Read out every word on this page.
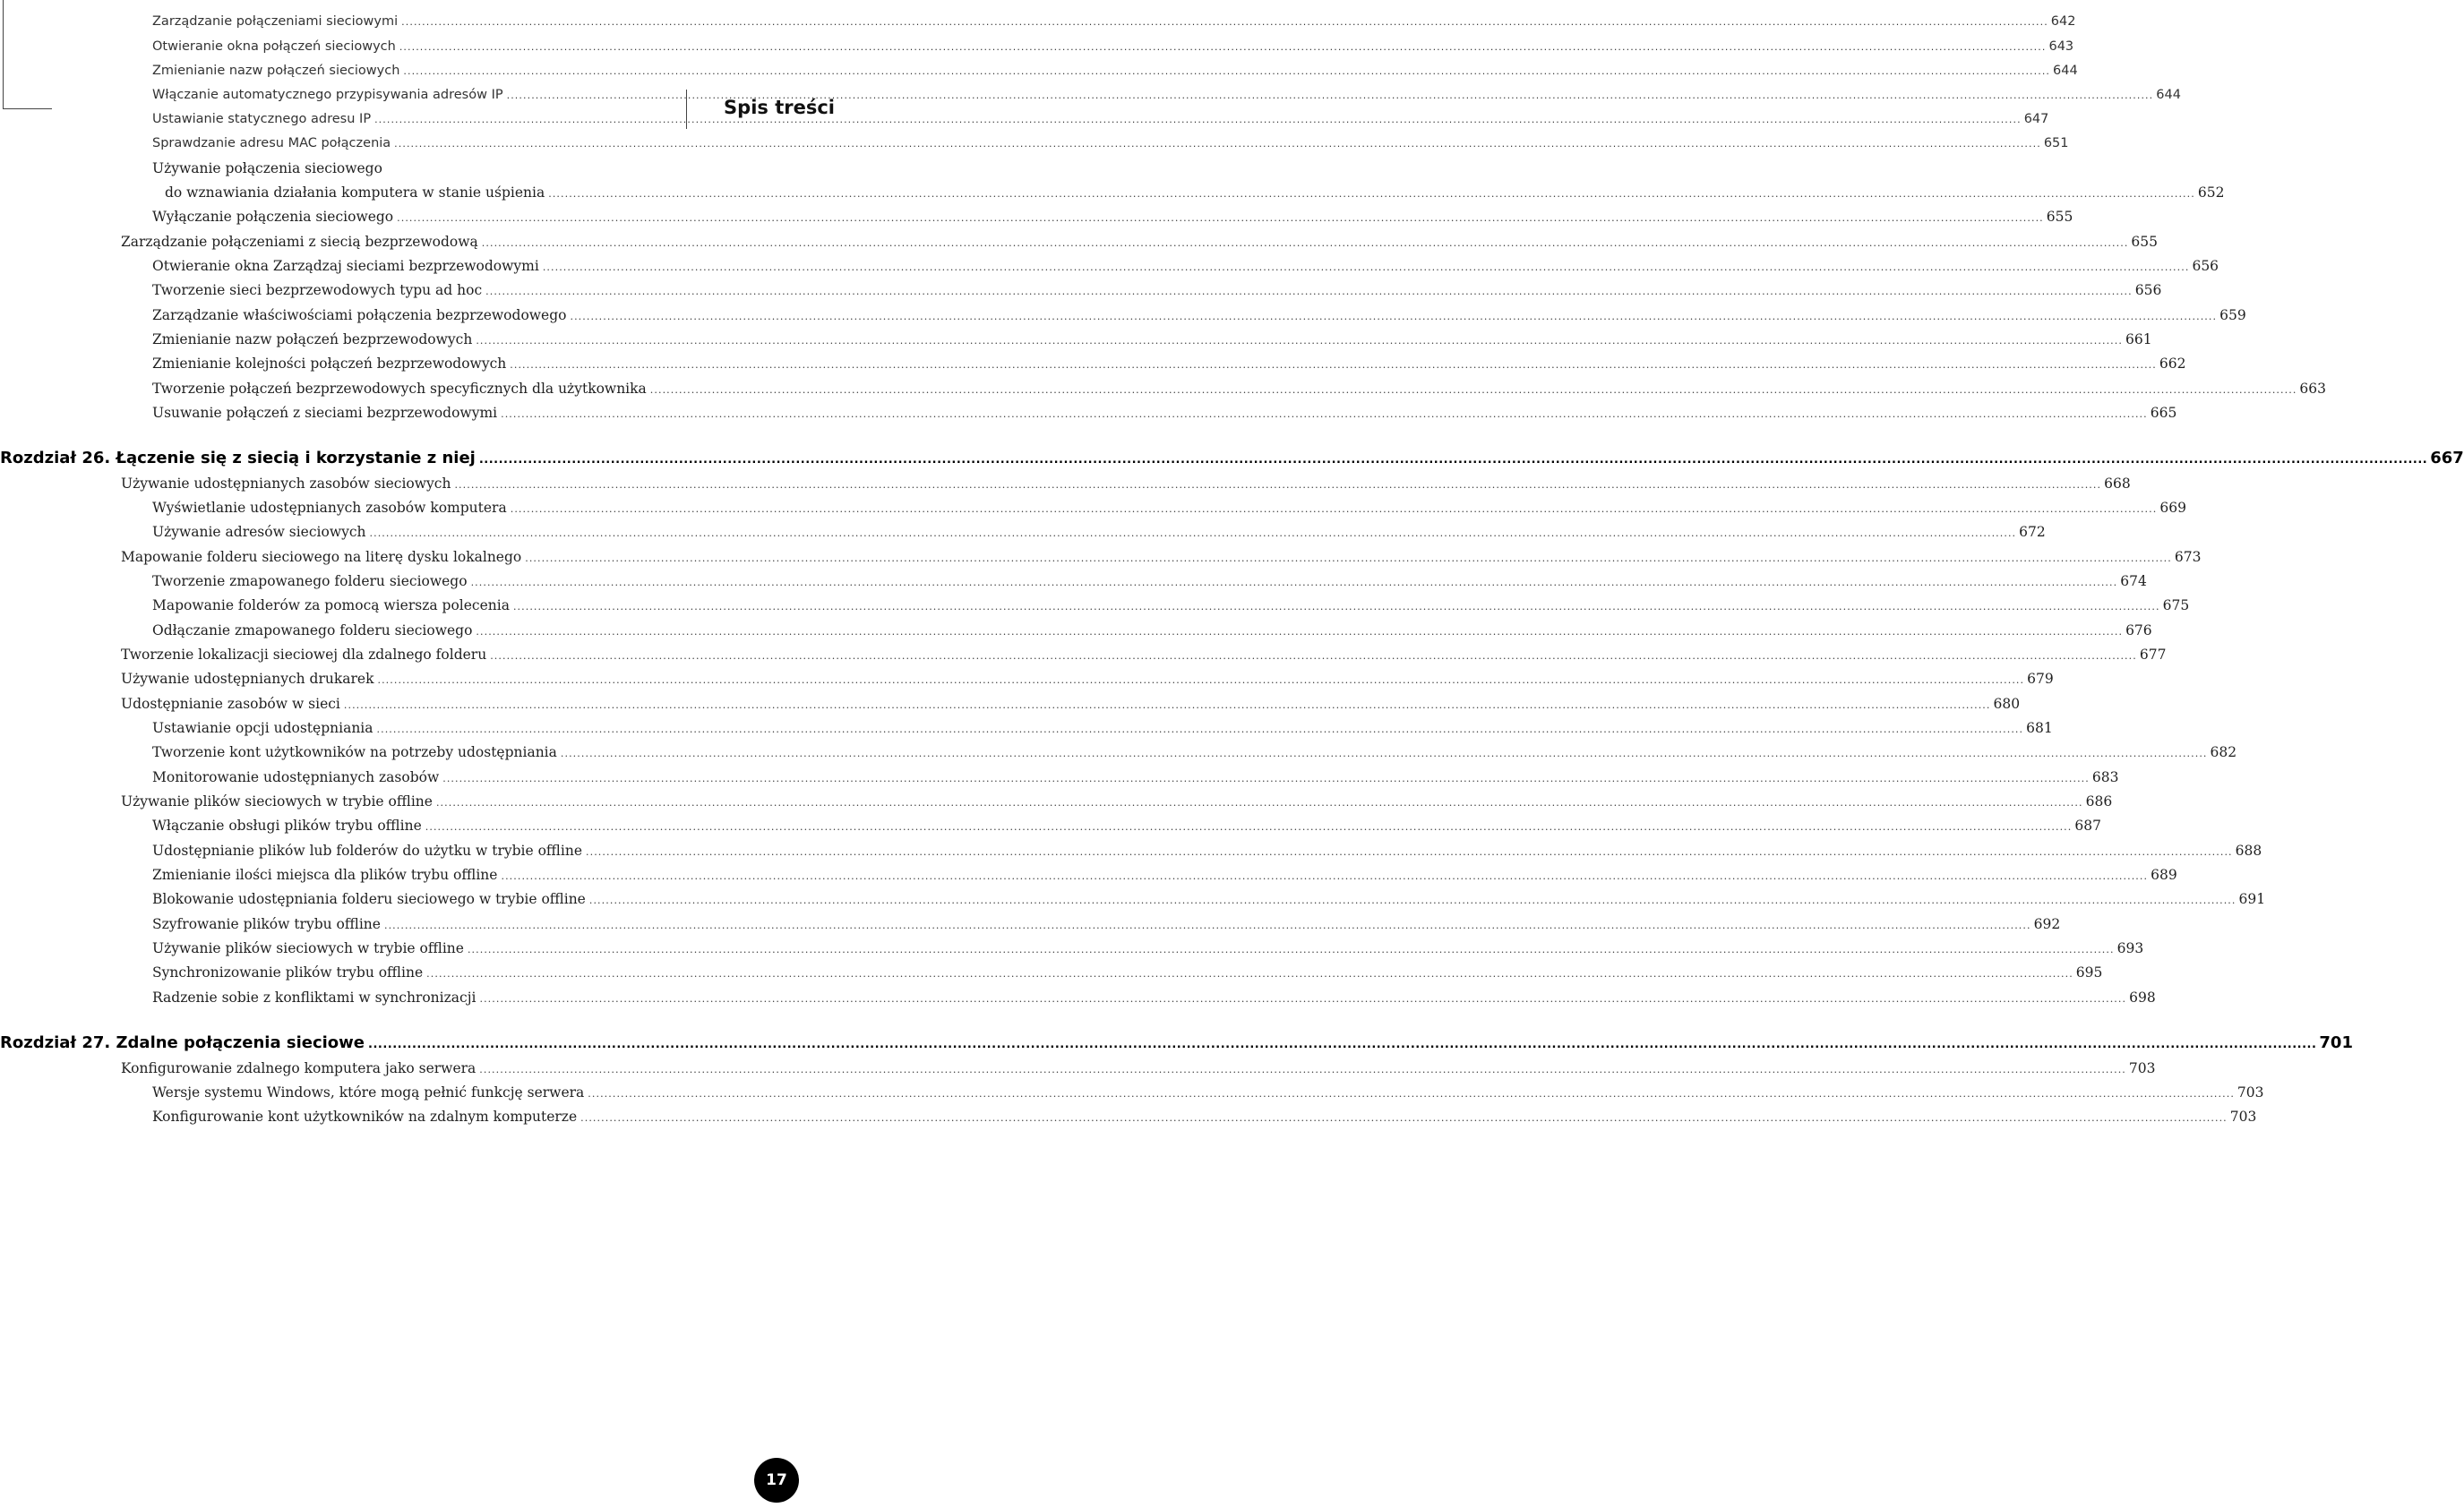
Spis treści
Zarządzanie połączeniami sieciowymi ................................................................................................................................................................................................................................................................................................................................................................................................................ 642
Otwieranie okna połączeń sieciowych ................................................................................................................................................................................................................................................................................................................................................................................................................ 643
Zmienianie nazw połączeń sieciowych ................................................................................................................................................................................................................................................................................................................................................................................................................ 644
Włączanie automatycznego przypisywania adresów IP ................................................................................................................................................................................................................................................................................................................................................................................................................ 644
Ustawianie statycznego adresu IP ................................................................................................................................................................................................................................................................................................................................................................................................................ 647
Sprawdzanie adresu MAC połączenia ................................................................................................................................................................................................................................................................................................................................................................................................................ 651
Używanie połączenia sieciowego
do wznawiania działania komputera w stanie uśpienia ................................................................................................................................................................................................................................................................................................................................................................................................................ 652
Wyłączanie połączenia sieciowego ................................................................................................................................................................................................................................................................................................................................................................................................................ 655
Zarządzanie połączeniami z siecią bezprzewodową ................................................................................................................................................................................................................................................................................................................................................................................................................ 655
Otwieranie okna Zarządzaj sieciami bezprzewodowymi ................................................................................................................................................................................................................................................................................................................................................................................................................ 656
Tworzenie sieci bezprzewodowych typu ad hoc ................................................................................................................................................................................................................................................................................................................................................................................................................ 656
Zarządzanie właściwościami połączenia bezprzewodowego ................................................................................................................................................................................................................................................................................................................................................................................................................ 659
Zmienianie nazw połączeń bezprzewodowych ................................................................................................................................................................................................................................................................................................................................................................................................................ 661
Zmienianie kolejności połączeń bezprzewodowych ................................................................................................................................................................................................................................................................................................................................................................................................................ 662
Tworzenie połączeń bezprzewodowych specyficznych dla użytkownika ................................................................................................................................................................................................................................................................................................................................................................................................................ 663
Usuwanie połączeń z sieciami bezprzewodowymi ................................................................................................................................................................................................................................................................................................................................................................................................................ 665
Rozdział 26. Łączenie się z siecią i korzystanie z niej ................................................................................................................................................................................................................................................................................................................................................................................................................ 667
Używanie udostępnianych zasobów sieciowych ................................................................................................................................................................................................................................................................................................................................................................................................................ 668
Wyświetlanie udostępnianych zasobów komputera ................................................................................................................................................................................................................................................................................................................................................................................................................ 669
Używanie adresów sieciowych ................................................................................................................................................................................................................................................................................................................................................................................................................ 672
Mapowanie folderu sieciowego na literę dysku lokalnego ................................................................................................................................................................................................................................................................................................................................................................................................................ 673
Tworzenie zmapowanego folderu sieciowego ................................................................................................................................................................................................................................................................................................................................................................................................................ 674
Mapowanie folderów za pomocą wiersza polecenia ................................................................................................................................................................................................................................................................................................................................................................................................................ 675
Odłączanie zmapowanego folderu sieciowego ................................................................................................................................................................................................................................................................................................................................................................................................................ 676
Tworzenie lokalizacji sieciowej dla zdalnego folderu ................................................................................................................................................................................................................................................................................................................................................................................................................ 677
Używanie udostępnianych drukarek ................................................................................................................................................................................................................................................................................................................................................................................................................ 679
Udostępnianie zasobów w sieci ................................................................................................................................................................................................................................................................................................................................................................................................................ 680
Ustawianie opcji udostępniania ................................................................................................................................................................................................................................................................................................................................................................................................................ 681
Tworzenie kont użytkowników na potrzeby udostępniania ................................................................................................................................................................................................................................................................................................................................................................................................................ 682
Monitorowanie udostępnianych zasobów ................................................................................................................................................................................................................................................................................................................................................................................................................ 683
Używanie plików sieciowych w trybie offline ................................................................................................................................................................................................................................................................................................................................................................................................................ 686
Włączanie obsługi plików trybu offline ................................................................................................................................................................................................................................................................................................................................................................................................................ 687
Udostępnianie plików lub folderów do użytku w trybie offline ................................................................................................................................................................................................................................................................................................................................................................................................................ 688
Zmienianie ilości miejsca dla plików trybu offline ................................................................................................................................................................................................................................................................................................................................................................................................................ 689
Blokowanie udostępniania folderu sieciowego w trybie offline ................................................................................................................................................................................................................................................................................................................................................................................................................ 691
Szyfrowanie plików trybu offline ................................................................................................................................................................................................................................................................................................................................................................................................................ 692
Używanie plików sieciowych w trybie offline ................................................................................................................................................................................................................................................................................................................................................................................................................ 693
Synchronizowanie plików trybu offline ................................................................................................................................................................................................................................................................................................................................................................................................................ 695
Radzenie sobie z konfliktami w synchronizacji ................................................................................................................................................................................................................................................................................................................................................................................................................ 698
Rozdział 27. Zdalne połączenia sieciowe ................................................................................................................................................................................................................................................................................................................................................................................................................ 701
Konfigurowanie zdalnego komputera jako serwera ................................................................................................................................................................................................................................................................................................................................................................................................................ 703
Wersje systemu Windows, które mogą pełnić funkcję serwera ................................................................................................................................................................................................................................................................................................................................................................................................................ 703
Konfigurowanie kont użytkowników na zdalnym komputerze ................................................................................................................................................................................................................................................................................................................................................................................................................ 703
17
